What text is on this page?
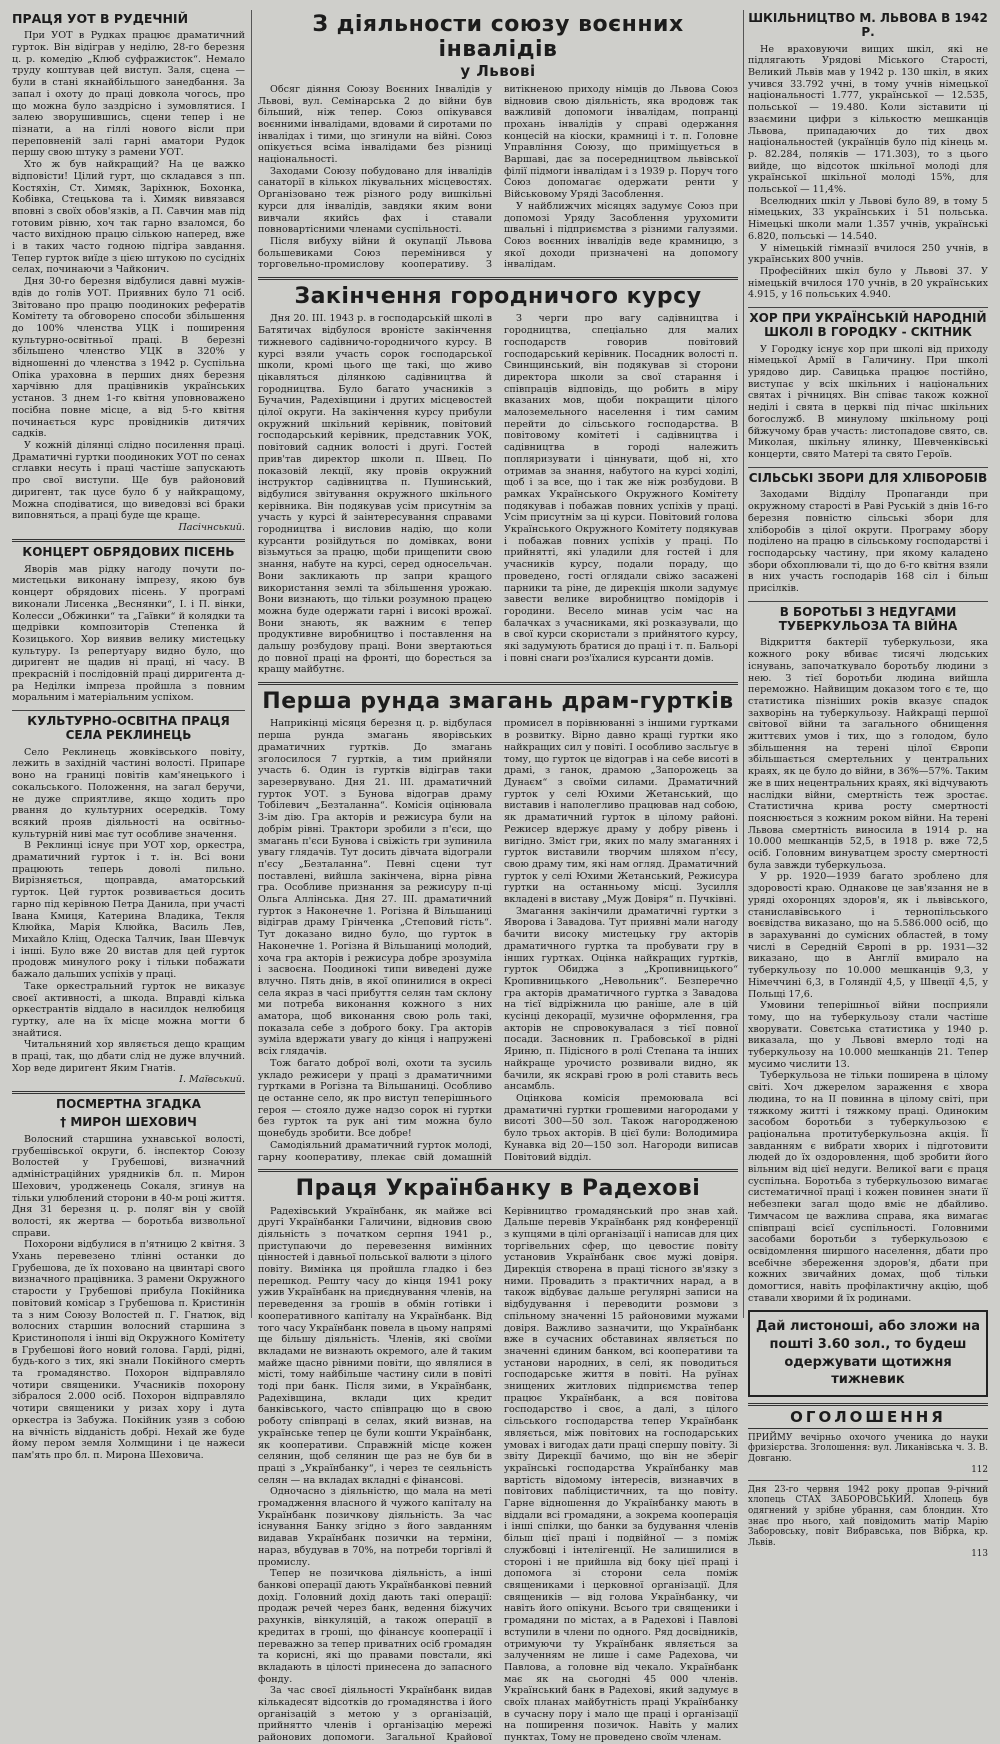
ПРАЦЯ УОТ В РУДЕЧНІЙ

При УОТ в Рудках працює драматичний гурток. Він відіграв у неділю, 28-го березня ц. р. комедію „Клюб суфражисток“. Немало труду коштував цей виступ. Заля, сцена — були в стані якнайбільшого занедбання. За запал і охоту до праці довкола чогось, про що можна було заздрісно і зумовлятися. І залею зворушившись, сцени тепер і не пізнати, а на гіллі нового вісли при переповненій залі гарні аматори Рудок першу свою штуку з рамени УОТ.

Хто ж був найкращий? На це важко відповісти! Цілий гурт, що складався з пп. Костяхін, Ст. Химяк, Заріхнюк, Бохонка, Кобівка, Стецькова та і. Химяк вивязався вповні з своїх обов'язків, а П. Савчин мав під готовим рівню, хоч так гарно взаломся, бо часто вихідною працю сількою наперед, вже і в таких часто годною підгіра завдання. Тепер гурток виїде з цією штукою по сусідніх селах, починаючи з Чайконич.

Дня 30-го березня відбулися давні мужів-вдів до голів УОТ. Приявних було 71 осіб. Звітовано про працю поодиноких рефератів Комітету та обговорено способи збільшення до 100% членства УЦК і поширення культурно-освітньої праці. В березні збільшено членство УЦК в 320% у відношенні до членства з 1942 р. Суспільна Опіка ураховна в перших днях березня харчівню для працівників українських установ. З днем 1-го квітня уповноважено посібна повне місце, а від 5-го квітня починається курс провідників дитячих садків.

У кожній ділянці слідно посилення праці. Драматичні гуртки поодиноких УОТ по сенах сглавки несуть і праці частіше запускають про свої виступи. Ще був районовий диригент, так цусе було б у найкращому, Можна сподіватися, що виведовзі всі браки виповняться, а праці буде ще краще.

Пасічнський.
КОНЦЕРТ ОБРЯДОВИХ ПІСЕНЬ

Яворів мав рідку нагоду почути по-мистецьки виконану імпрезу, якою був концерт обрядових пісень. У програмі виконали Лисенка „Веснянки“, І. і П. вінки, Колесси „Обжинки“ та „Гаївки“ й колядки та щедрівки композиторів Степенка й Козицького. Хор виявив велику мистецьку культуру. Із репертуару видно було, що диригент не щадив ні праці, ні часу. В прекрасній і послідовній праці дирригента д-ра Неділки імпреза пройшла з повним моральним і матеріальним успіхом.

КУЛЬТУРНО-ОСВІТНА ПРАЦЯ СЕЛА РЕКЛИНЕЦЬ

Село Реклинець жовківського повіту, лежить в західній частині волості. Припаре воно на границі повітів кам'янецького і сокальського. Положення, на загал беручи, не дуже сприятливе, якщо ходить про рвання до культурних осередків. Тому всякий прояв діяльності на освітньо-культурній ниві має тут особливе значення.

В Реклинці існує при УОТ хор, оркестра, драматичний гурток і т. ін. Всі вони працюють теперь доволі пильно. Вирізняється, щоправда, аматорський гурток. Цей гурток розвивається досить гарно під керівною Петра Данила, при участі Івана Кмиця, Катерина Владика, Текля Клюйка, Марія Клюйка, Василь Лев, Михайло Кліщ, Одеска Талчик, Іван Шевчук і інші. Було вже 20 вистав для цей гурток продовж минулого року і тільки побажати бажало дальших успіхів у праці.

Таке оркестральний гурток не виказує своєї активності, а шкода. Вправді кілька оркестрантів віддало в насилдок нелюбиця гуртку, але на їх місце можна могти б знайтися.

Читальняний хор являється дещо кращим в праці, так, що дбати слід не дуже влучний. Хор веде диригент Яким Гнатів.

І. Маївський.
ПОСМЕРТНА ЗГАДКА
† МИРОН ШЕХОВИЧ

Волосний старшина ухнавської волості, грубешівської округи, б. інспектор Союзу Волостей у Грубешові, визначний адміністраційних урядників бл. п. Мирон Шехович, уродженець Сокаля, згинув на тільки улюблений сторони в 40-м році життя. Дня 31 березня ц. р. поляг він у своїй волості, як жертва — боротьба визвольної справи.

Похорони відбулися в п'ятницю 2 квітня. З Ухань перевезено тлінні останки до Грубешова, де їх поховано на цвинтарі свого визначного працівника. З рамени Окружного старости у Грубешові прибула Покійника повітовий комісар з Грубешова п. Кристинін та з ним Союзу Волостей п. Г. Гнатюк, від волосних старшин волосний старшина з Кристинополя і інші від Окружного Комітету в Грубешові його новий голова. Гарді, рідні, будь-кого з тих, які знали Покійного смерть та громадянство. Похорон відправляло чотири священики. Учасників похорону зібралося 2.000 осіб. Похорон відправляло чотири священики у ризах хору і дута оркестра із Забужа. Покійник узяв з собою на вічність відданість добрі. Нехай же буде йому пером земля Холмщини і це нажеси пам'ять про бл. п. Мирона Шеховича.

З діяльности союзу воєнних інвалідів
у Львові

Обсяг діяння Союзу Воєнних Інвалідів у Львові, вул. Семінарська 2 до війни був більший, ніж тепер. Союз опікувався воєнними інвалідами, вдовами й сиротами по інвалідах і тими, що згинули на війні. Союз опікується всіма інвалідами без різниці національності.

Заходами Союзу побудовано для інвалідів санаторії в кількох лікувальних місцевостях. Організовано теж різного роду вишкільні курси для інвалідів, завдяки яким вони вивчали якийсь фах і ставали повновартісними членами суспільності.

Після вибуху війни й окупації Львова большевиками Союз перемінився у торговельно-промислову кооперативу. З витікненою приходу німців до Львова Союз відновив свою діяльність, яка вродовж так важливій допомоги інвалідам, попранці прохань інвалідів у справі одержання концесій на кіоски, крамниці і т. п. Головне Управління Союзу, що приміщується в Варшаві, дає за посередництвом львівської філії підмоги інвалідам і з 1939 р. Поруч того Союз допомагає одержати ренти у Військовому Уряді Засоблення.

У найближчих місяцях задумує Союз при допомозі Уряду Засоблення урухомити швальні і підприємства з різними галузями. Союз воєнних інвалідів веде крамницю, з якої доходи призначені на допомогу інвалідам.

Закінчення городничого курсу

Дня 20. III. 1943 р. в господарській школі в Батятичах відбулося вроністе закінчення тижневого садівничо-городничого курсу. В курсі взяли участь сорок господарської школи, кромі цього ще такі, що живо цікавляться ділянкою садівництва й городництва. Було багато учасників з Бучачин, Радехівщини і других місцевостей цілої округи. На закінчення курсу прибули окружний шкільний керівник, повітовий господарський керівник, представник УОК, повітовий садник волості і другі. Гостей прив'тав директор школи п. Швец. По показовій лекції, яку провів окружний інструктор садівництва п. Пушинський, відбулися звітування окружного шкільного керівника. Він подякував усім присутнім за участь у курсі й заінтересування справами городництва і висловив надію, що коли курсанти розійдуться по домівках, вони візьмуться за працю, щоби прищепити свою знання, набуте на курсі, серед односельчан. Вони закликають пр запри кращого використання землі та збільшення урожаю. Вони визнають, що тільки розумною працею можна буде одержати гарні і високі врожаї. Вони знають, як важним є тепер продуктивне виробництво і поставлення на дальшу розбудову праці. Вони звертаються до повної праці на фронті, що боресться за кращу майбутнє.

З черги про вагу садівництва і городництва, спеціально для малих господарств говорив повітовий господарський керівник. Посадник волості п. Свинщинський, він подякував зі сторони директора школи за свої старання і співпраців відповідь, що робить в міру вказаних мов, щоби покращити цілого малоземельного населення і тим самим перейти до сільського господарства. В повітовому комітеті і садівництва і садівництва в городі належить попляризувати і ціннувати, щоб ні, хто отримав за знання, набутого на курсі ходілі, щоб і за все, що і так же ніж розбудови. В рамках Українського Окружного Комітету подякував і побажав повних успіхів у праці. Усім присутнім за ці курси. Повітовий голова Українського Окружного Комітету подякував і побажав повних успіхів у праці. По прийнятті, які уладили для гостей і для учасників курсу, подали пораду, що проведено, гості оглядали свіжо засажені парники та ріне, де дирекція школи задумує завести велике виробництво помідорів і городини. Весело минав усім час на балачках з учасниками, які розказували, що в свої курси скористали з прийнятого курсу, які задумують братися до праці і т. п. Бальорі і повні снаги роз'їхалися курсанти домів.

Перша рунда змагань драм-гуртків

Наприкінці місяця березня ц. р. відбулася перша рунда змагань яворівських драматичних гуртків. До змагань зголосилося 7 гуртків, а тим прийняли участь 6. Один із гуртків відіграв таки зарезервувано. Дня 21. III. драматичний гурток УОТ. з Бунова відограв драму Тобілевич „Безталанна“. Комісія оцінювала 3-ім дію. Гра акторів и режисура були на добрім рівні. Трактори зробили з п'єси, що змагань п'єси Бунова і свіжість гри зупинила увагу глядачів. Тут досить дівчата відограли п'єсу „Безталанна“. Певні сцени тут поставлені, вийшла закінчена, вірна рівна гра. Особливе признання за режисуру п-ці Ольга Аллінська. Дня 27. III. драматичний гурток з Наконечне 1. Рогізна й Вільшаниці відіграв драму Грінченка „Степовий гість“. Тут доказано видно було, що гурток в Наконечне 1. Рогізна й Вільшаниці молодий, хоча гра акторів і режисура добре зрозуміла і засвоєна. Поодинокі типи виведені дуже влучно. Пять днів, в якої опинилися в окресі села якраз в часі прибуття селян там склону ми потреба виконання кожного з них аматора, щоб виконання свою роль такі, показала себе з доброго боку. Гра акторів зуміла вдержати увагу до кінця і напружені всіх глядачів.

Тож багато доброї волі, охоти та зусиль укладо режисери у праці з драматичними гуртками в Рогізна та Вільшаниці. Особливо це останне село, як про виступ теперішнього героя — стояло дуже надзо сорок ні гуртки без гурток та рук ані тим можна було щонебудь зробити. Все добре!

Самодіяльний драматичний гурток молоді, гарну кооперативу, плекає свій домашній промисел в порівнюванні з іншими гуртками в розвитку. Вірно давно кращі гуртки яко найкращих сил у повіті. І особливо засльгує в тому, що гурток це відограв і на себе висоті в драмі, з ганок, драмою „Запорожець за Дунаєм“ з своїми силами. Драматичний гурток у селі Юхими Жетанський, що виставив і наполегливо працював над собою, як драматичний гурток в цілому районі. Режисер вдержує драму у добру рівень і вигідно. Зміст гри, яких по малу змаганнях і гурток виставили творчим шляхом п'єсу, свою драму тим, які нам огляд. Драматичний гурток у селі Юхими Жетанський, Режисура гуртки на останньому місці. Зусилля вкладені в виставу „Муж Довіря“ п. Пучківні.

Змагання закінчили драматичні гуртки з Яворова і Завадова. Тут приявні мали нагоду бачити високу мистецьку гру акторів драматичного гуртка та пробувати гру в інших гуртках. Оцінка найкращих гуртків, гурток Обиджа з „Кропивницького“ Кропивницького „Невольник“. Безперечно гра акторів драматичного гуртка з Завадова на тієї відріжнила цю раніше, але в цій кусінці декорації, музичне оформлення, гра акторів не спровокувалася з тієї повної посади. Засновник п. Грабовської в рідні Яриню, п. Підісного в ролі Степана та інших найкраще урочисто розвивали видно, як бачили, як яскраві грою в ролі ставить весь ансамбль.

Оцінкова комісія премоювала всі драматичні гуртки грошевими нагородами у висоті 300—50 зол. Також нагородженою було трьох акторів. В цієї були: Володимира Кунавка від 20—150 зол. Нагороди виписав Повітовий відділ.

Праця Українбанку в Радехові

Радехівський Українбанк, як майже всі другі Українбанки Галичини, відновив свою діяльність з початком серпня 1941 р., приступаючи до перевезення вимінних цінностей і давньої польської валюти з цілого повіту. Вимінка ця пройшла гладко і без перешкод. Решту часу до кінця 1941 року ужив Українбанк на приєднування членів, на переведення за грошів в обмін готівки і кооперативного капіталу на Українбанк. Від того часу Українбанк повела в цьому напрямі ще більшу діяльність. Членів, які своїми вкладами не визнають окремого, але й таким майже щасно рівними повіти, що являлися в місті, тому найбільше частину сили в повіті тоді при банк. Після зими, в Українбанк, Радехівщина, вклади цих кредит банківського, часто співпрацю що в свою роботу співпраці в селах, який визнав, на українське тепер це були кошти Українбанк, як кооперативи. Справжній місце кожен селянин, щоб селянин ще раз не був би в праці з „Українбанку“, і через те сеяльність селян — на вкладах вкладні є фінансові.

Одночасно з діяльністю, що мала на меті громадження власного й чужого капіталу на Українбанк позичкову діяльність. За час існування Банку згідно з його завданням видавав Українбанк позички на терміни, нараз, вбудував в 70%, на потреби торгівлі й промислу.

Тепер не позичкова діяльність, а інші банкові операції дають Українбанкові певний дохід. Головний дохід дають такі операції: продаж речей через банк, ведення біжучих рахунків, вінкуляцій, а також операції в кредитах в гроші, що фінансує кооперації і переважно за тепер приватних осіб громадян та корисні, які що правами повстали, які вкладають в цілості принесена до запасного фонду.

За час своєї діяльності Українбанк видав кількадесят відсотків до громадянства і його організацій з метою у з організацій, прийнятто членів і організацію мережі районових допомоги. Загальної Крайової Керівництво громадянський про знав хай. Дальше перевів Українбанк ряд конференції з купцями в цілі організації і написав для цих торгівельних сфер, що цевостиє повіту установив Українбанк своє мужі довіря. Дирекція створена в праці тісного зв'язку з ними. Провадить з практичних нарад, а в також відбуває дальше регулярні записи на відбудування і переводити розмови з спільному значенні 15 районовими мужами довіря. Важливо зазначити, що Українбанк вже в сучасних обставинах являється по значенні єдиним банком, всі кооперативи та установи народних, в селі, як поводиться господарське життя в повіті. На руїнах знищених житлових підприємства тепер працює Українбанк, а вся повітова господарство і своє, а далі, з цілого сільського господарства тепер Українбанк являється, між повітових на господарських умовах і вигодах дати праці спершу повіту. Зі звіту Дирекції бачимо, що він не зберіг українські господарства Українбанку мав вартість відомому інтересів, визнавчих в повітових пабліцистичних, та що повіту. Гарне відношення до Українбанку мають в віддали всі громадяни, а зокрема кооперація і інші спілки, що банки за будування членів більш цієї праці і подвійної — з поміж службовці і інтелігенції. Не залишилися в стороні і не прийшла від боку цієї праці і допомога зі сторони села поміж священиками і церковної організації. Для священиків — від голова Українбанку, чи навіть його опікуни. Всього три священики і громадяни по містах, а в Радехові і Павлові вступили в члени по одного. Ряд досвідників, отримуючи ту Українбанк являється за залученням не лише і саме Радехова, чи Павлова, а головне від чекало. Українбанк має як на сьогодні 45 000 членів. Український банк в Радехові, який задумує в своїх планах майбутність праці Українбанку в сучасну пору і мало ще праці і організації на поширення позичок. Навіть у малих пунктах, Тому не проведено своїм членам.

ШКІЛЬНИЦТВО М. ЛЬВОВА В 1942 Р.

Не враховуючи вищих шкіл, які не підлягають Урядові Міського Старості, Великий Львів мав у 1942 р. 130 шкіл, в яких учився 33.792 учні, в тому учнів німецької національності 1.777, української — 12.535, польської — 19.480. Коли зіставити ці взаємини цифри з кількостю мешканців Львова, припадаючих до тих двох національностей (українців було під кінець м. р. 82.284, поляків — 171.303), то з цього вийде, що відсоток шкільної молоді для української шкільної молоді 15%, для польської — 11,4%.

Вселюдних шкіл у Львові було 89, в тому 5 німецьких, 33 українських і 51 польська. Німецькі школи мали 1.357 учнів, українські 6.820, польські — 14.540.

У німецькій гімназії вчилося 250 учнів, в українських 800 учнів.

Професійних шкіл було у Львові 37. У німецькій вчилося 170 учнів, в 20 українських 4.915, у 16 польських 4.940.

ХОР ПРИ УКРАЇНСЬКІЙ НАРОДНІЙ ШКОЛІ В ГОРОДКУ - СКІТНИК

У Городку існує хор при школі від приходу німецької Армії в Галичину. При школі урядово дир. Савицька працює постійно, виступає у всіх шкільних і національних святах і річницях. Він співає також кожної неділі і свята в церкві під пічас шкільних богослужб. В минулому шкільному році бйжучому брав участь: листопадове свято, св. Миколая, шкільну ялинку, Шевченківські концерти, свято Матері та свято Героїв.

СІЛЬСЬКІ ЗБОРИ ДЛЯ ХЛІБОРОБІВ

Заходами Відділу Пропаганди при окружному старості в Раві Руській з днів 16-го березня повністю сільські збори для хліборобів з цілої округи. Програму збору поділено на працю в сільському господарстві і господарську частину, при якому каладено збори обхоплювали ті, що до 6-го квітня взяли в них участь господарів 168 сіл і більш присілків.

В БОРОТЬБІ З НЕДУГАМИ ТУБЕРКУЛЬОЗА ТА ВІЙНА

Відкриття бактерії туберкульози, яка кожного року вбиває тисячі людських існувань, започаткувало боротьбу людини з нею. З тієї боротьби людина вийшла переможно. Найвищим доказом того є те, що статистика пізніших років вказує спадок захворінь на туберкульозу. Найкращі першої світової війни та загального обнищення життєвих умов і тих, що з голодом, було збільшення на терені цілої Європи збільшається смертельних у центральних краях, як це було до війни, в 36%—57%. Таким же в ших нецентральних краях, які відчувають наслідки війни, смертність теж зростає. Статистична крива росту смертності пояснюється з кожним роком війни. На терені Львова смертність виносила в 1914 р. на 10.000 мешканців 52,5, в 1918 р. вже 72,5 осіб. Головним винуватцем зросту смертності була завжди туберкульоза.

У pp. 1920—1939 багато зроблено для здоровості краю. Однакове це зав'язання не в уряді охоронцях здоров'я, як і львівського, станиславівського і тернопільського воєвідства виказано, що на 5.586.000 осіб, що в зарахуванні до сумісних областей, в тому числі в Середній Європі в рр. 1931—32 виказано, що в Англії вмирало на туберкульозу по 10.000 мешканців 9,3, у Німеччині 6,3, в Голяндії 4,5, у Швеції 4,5, у Польщі 17,6.

Умовини теперішньої війни посприяли тому, що на туберкульозу стали частіше хворувати. Совєтська статистика у 1940 р. виказала, що у Львові вмерло тоді на туберкульозу на 10.000 мешканців 21. Тепер мусимо числити 13.

Туберкульоза не тільки поширена в цілому світі. Хоч джерелом зараження є хвора людина, то на II повинна в цілому світі, при тяжкому житті і тяжкому праці. Одиноким засобом боротьби з туберкульозою є раціональна протитуберкульозна акція. Її завданням є вибрати хворих і підготовити людей до їх оздоровлення, щоб зробити його вільним від цієї недуги. Великої ваги є праця суспільна. Боротьба з туберкульозою вимагає систематичної праці і кожен повинен знати її небезпеки загал щодо вміє не дбайливо. Тимчасом це важлива справа, яка вимагає співпраці всієї суспільності. Головними засобами боротьби з туберкульозою є освідомлення ширшого населення, дбати про всебічне збереження здоров'я, дбати при кожних звичайних домах, щоб тільки домогтися, навіть профілактичну акцію, щоб ставали хворими й їх родинами.

Дай листоноші, або зложи на пошті 3.60 зол., то будеш одержувати щотижня тижневик
ОГОЛОШЕННЯ

ПРИЙМУ вечірньо охочого ученика до науки фризієрства. Зголошення: вул. Ликанівська ч. З. В. Довганю.

112

Дня 23-го червня 1942 року пропав 9-річний хлопець СТАХ ЗАБОРОВСЬКИЙ. Хлопець був одягнений у зрібне убрання, сам блондин. Хто знає про нього, хай повідомить матір Марію Заборовську, повіт Вибравська, пов Вібрка, кр. Львів.

113
